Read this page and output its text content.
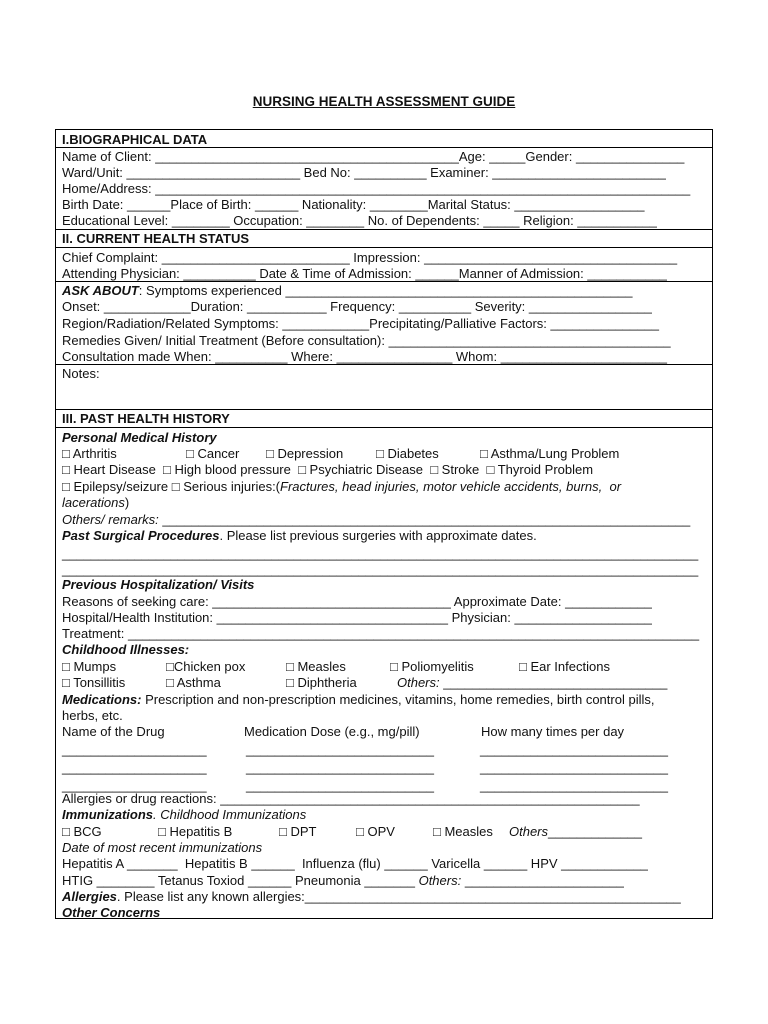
NURSING HEALTH ASSESSMENT GUIDE
I.BIOGRAPHICAL DATA
Name of Client: __________________________________________Age: _____Gender: _______________
Ward/Unit: ________________________ Bed No: __________ Examiner: ________________________
Home/Address: __________________________________________________________________________
Birth Date: ______Place of Birth: ______ Nationality: ________Marital Status: __________________
Educational Level: ________ Occupation: ________ No. of Dependents: _____ Religion: ___________
II. CURRENT HEALTH STATUS
Chief Complaint: __________________________ Impression: ___________________________________
Attending Physician: __________ Date & Time of Admission: ______Manner of Admission: ___________
ASK ABOUT: Symptoms experienced ________________________________________________
Onset: ____________Duration: ___________ Frequency: __________ Severity: _________________
Region/Radiation/Related Symptoms: ____________Precipitating/Palliative Factors: _______________
Remedies Given/ Initial Treatment (Before consultation): _______________________________________
Consultation made When: __________ Where: ________________ Whom: _______________________
Notes:
III. PAST HEALTH HISTORY
Personal Medical History
□ Arthritis	□ Cancer □ Depression	□ Diabetes	□ Asthma/Lung Problem
□ Heart Disease  □ High blood pressure  □ Psychiatric Disease  □ Stroke  □ Thyroid Problem
□ Epilepsy/seizure □ Serious injuries:(Fractures, head injuries, motor vehicle accidents, burns,  or
lacerations)
Others/ remarks: _________________________________________________________________________
Past Surgical Procedures. Please list previous surgeries with approximate dates.
________________________________________________________________________________________
________________________________________________________________________________________
Previous Hospitalization/ Visits
Reasons of seeking care: _________________________________ Approximate Date: ____________
Hospital/Health Institution: ________________________________ Physician: ___________________
Treatment: _______________________________________________________________________________
Childhood Illnesses:
□ Mumps	□Chicken pox	□ Measles	□ Poliomyelitis	□ Ear Infections
□ Tonsillitis	□ Asthma	□ Diphtheria	Others: _______________________________
Medications: Prescription and non-prescription medicines, vitamins, home remedies, birth control pills,
herbs, etc.
Name of the Drug	Medication Dose (e.g., mg/pill)	How many times per day
____________________	__________________________	__________________________
____________________	__________________________	__________________________
____________________	__________________________	__________________________
Allergies or drug reactions: __________________________________________________________
Immunizations. Childhood Immunizations
□ BCG	□ Hepatitis B	□ DPT	□ OPV	□ Measles Others_____________
Date of most recent immunizations
Hepatitis A _______  Hepatitis B ______  Influenza (flu) ______ Varicella ______ HPV ____________
HTIG ________ Tetanus Toxiod ______ Pneumonia _______ Others: ______________________
Allergies. Please list any known allergies:____________________________________________________
Other Concerns
